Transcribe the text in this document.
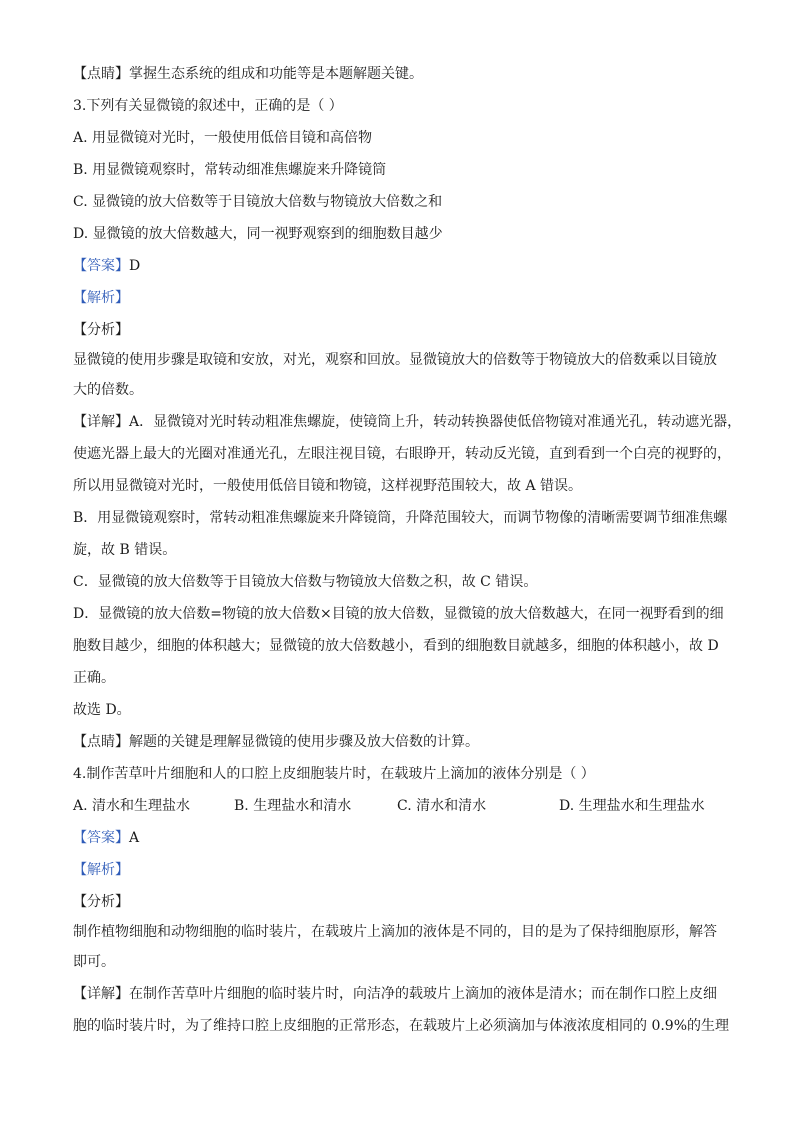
【点睛】掌握生态系统的组成和功能等是本题解题关键。
3.下列有关显微镜的叙述中，正确的是（ ）
A. 用显微镜对光时，一般使用低倍目镜和高倍物
B. 用显微镜观察时，常转动细准焦螺旋来升降镜筒
C. 显微镜的放大倍数等于目镜放大倍数与物镜放大倍数之和
D. 显微镜的放大倍数越大，同一视野观察到的细胞数目越少
【答案】D
【解析】
【分析】
显微镜的使用步骤是取镜和安放，对光，观察和回放。显微镜放大的倍数等于物镜放大的倍数乘以目镜放
大的倍数。
【详解】A．显微镜对光时转动粗准焦螺旋，使镜筒上升，转动转换器使低倍物镜对准通光孔，转动遮光器，
使遮光器上最大的光圈对准通光孔，左眼注视目镜，右眼睁开，转动反光镜，直到看到一个白亮的视野的，
所以用显微镜对光时，一般使用低倍目镜和物镜，这样视野范围较大，故 A 错误。
B．用显微镜观察时，常转动粗准焦螺旋来升降镜筒，升降范围较大，而调节物像的清晰需要调节细准焦螺
旋，故 B 错误。
C．显微镜的放大倍数等于目镜放大倍数与物镜放大倍数之积，故 C 错误。
D．显微镜的放大倍数=物镜的放大倍数×目镜的放大倍数，显微镜的放大倍数越大，在同一视野看到的细
胞数目越少，细胞的体积越大；显微镜的放大倍数越小，看到的细胞数目就越多，细胞的体积越小，故 D
正确。
故选 D。
【点睛】解题的关键是理解显微镜的使用步骤及放大倍数的计算。
4.制作苦草叶片细胞和人的口腔上皮细胞装片时，在载玻片上滴加的液体分别是（ ）
A. 清水和生理盐水	B. 生理盐水和清水	C. 清水和清水	D. 生理盐水和生理盐水
【答案】A
【解析】
【分析】
制作植物细胞和动物细胞的临时装片，在载玻片上滴加的液体是不同的，目的是为了保持细胞原形，解答
即可。
【详解】在制作苦草叶片细胞的临时装片时，向洁净的载玻片上滴加的液体是清水；而在制作口腔上皮细
胞的临时装片时，为了维持口腔上皮细胞的正常形态，在载玻片上必须滴加与体液浓度相同的 0.9%的生理
